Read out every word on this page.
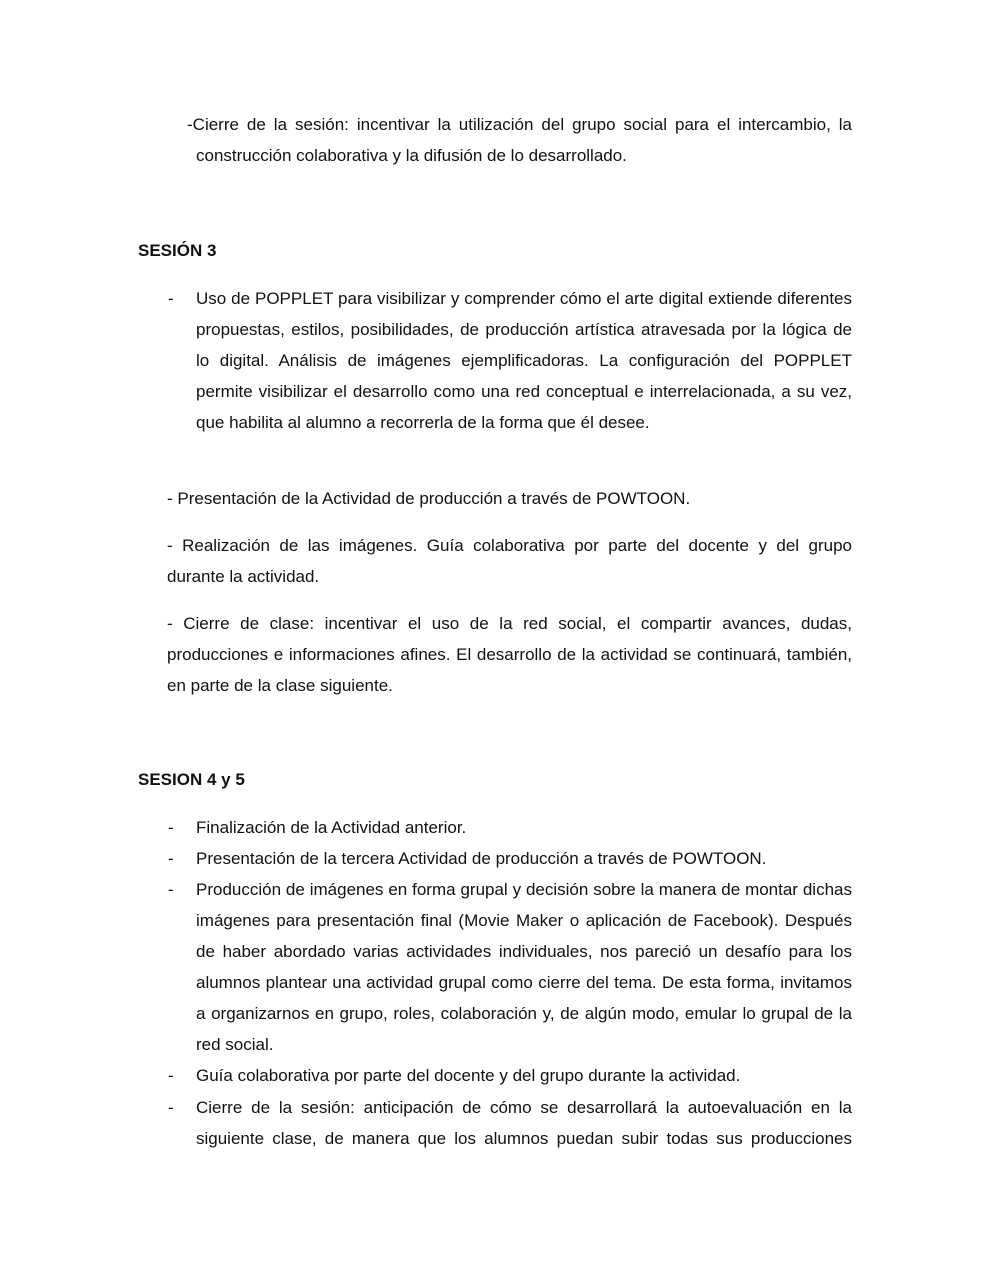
-Cierre de la sesión: incentivar la utilización del grupo social para el intercambio, la construcción colaborativa y la difusión de lo desarrollado.
SESIÓN 3
- Uso de POPPLET para visibilizar y comprender cómo el arte digital extiende diferentes propuestas, estilos, posibilidades, de producción artística atravesada por la lógica de lo digital. Análisis de imágenes ejemplificadoras. La configuración del POPPLET permite visibilizar el desarrollo como una red conceptual e interrelacionada, a su vez, que habilita al alumno a recorrerla de la forma que él desee.
- Presentación de la Actividad de producción a través de POWTOON.
- Realización de las imágenes. Guía colaborativa por parte del docente y del grupo durante la actividad.
- Cierre de clase: incentivar el uso de la red social, el compartir avances, dudas, producciones e informaciones afines. El desarrollo de la actividad se continuará, también, en parte de la clase siguiente.
SESION 4 y 5
- Finalización de la Actividad anterior.
- Presentación de la tercera Actividad de producción a través de POWTOON.
- Producción de imágenes en forma grupal y decisión sobre la manera de montar dichas imágenes para presentación final (Movie Maker o aplicación de Facebook). Después de haber abordado varias actividades individuales, nos pareció un desafío para los alumnos plantear una actividad grupal como cierre del tema. De esta forma, invitamos a organizarnos en grupo, roles, colaboración y, de algún modo, emular lo grupal de la red social.
- Guía colaborativa por parte del docente y del grupo durante la actividad.
- Cierre de la sesión: anticipación de cómo se desarrollará la autoevaluación en la siguiente clase, de manera que los alumnos puedan subir todas sus producciones
